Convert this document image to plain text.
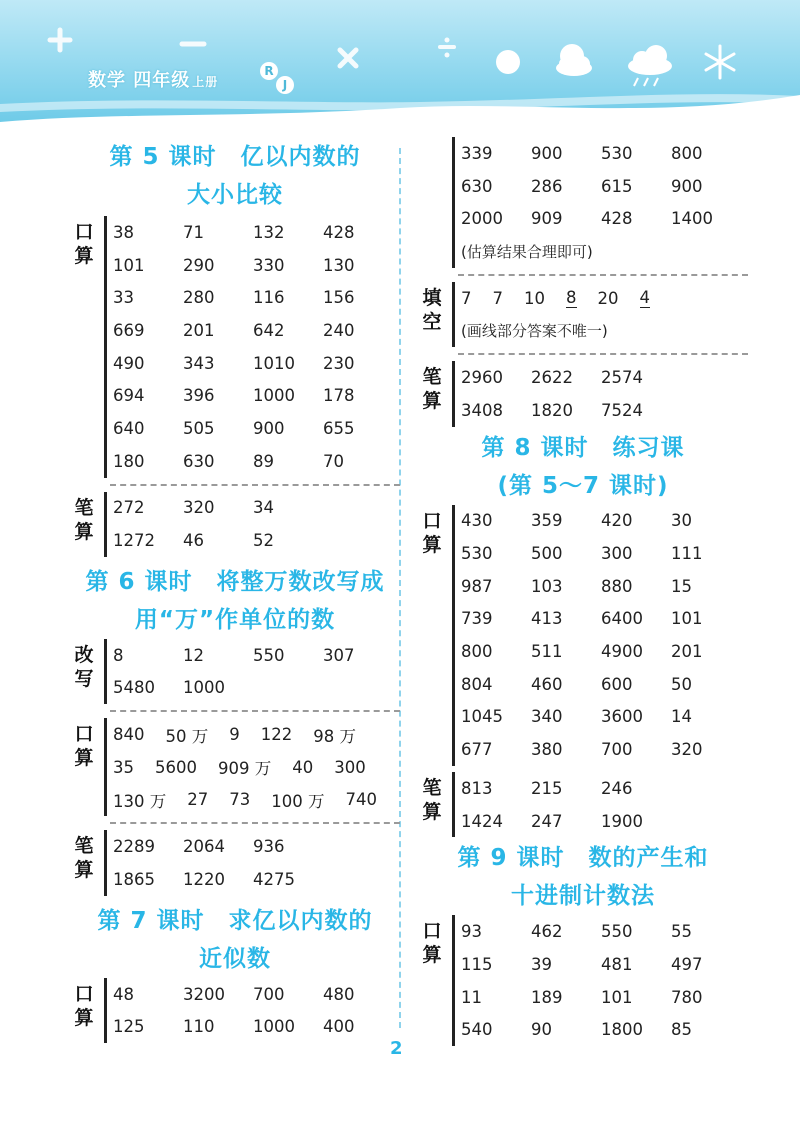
数学 四年级 上册
R
J
第 5 课时　亿以内数的
大小比较
口
算
38	71	132	428
101	290	330	130
33	280	116	156
669	201	642	240
490	343	1010	230
694	396	1000	178
640	505	900	655
180	630	89	70
笔
算
272	320	34
1272	46	52
第 6 课时　将整万数改写成
用“万”作单位的数
改
写
8	12	550	307
5480	1000
口
算
840 50 万 9 122 98 万
35 5600 909 万 40 300
130 万 27 73 100 万 740
笔
算
2289	2064	936
1865	1220	4275
第 7 课时　求亿以内数的
近似数
口
算
48	3200	700	480
125	110	1000	400
339	900	530	800
630	286	615	900
2000	909	428	1400
(估算结果合理即可)
填
空
7 7 10 8 20 4
(画线部分答案不唯一)
笔
算
2960	2622	2574
3408	1820	7524
第 8 课时　练习课
(第 5～7 课时)
口
算
430	359	420	30
530	500	300	111
987	103	880	15
739	413	6400	101
800	511	4900	201
804	460	600	50
1045	340	3600	14
677	380	700	320
笔
算
813	215	246
1424	247	1900
第 9 课时　数的产生和
十进制计数法
口
算
93	462	550	55
115	39	481	497
11	189	101	780
540	90	1800	85
2
